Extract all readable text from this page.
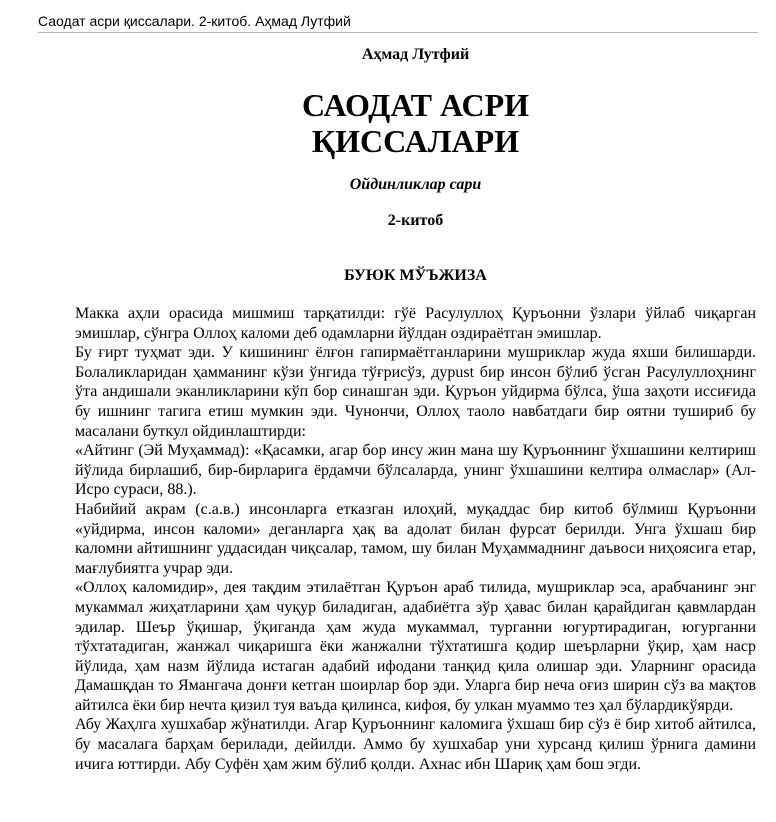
Саодат асри қиссалари. 2-китоб. Аҳмад Лутфий

Аҳмад Лутфий

САОДАТ АСРИ
ҚИССАЛАРИ

Ойдинликлар сари

2-китоб

БУЮК МЎЪЖИЗА

Макка аҳли орасида мишмиш тарқатилди: гўё Расулуллоҳ Қуръонни ўзлари ўйлаб чиқарган эмишлар, сўнгра Оллоҳ каломи деб одамларни йўлдан оздираётган эмишлар.

Бу ғирт туҳмат эди. У кишининг ёлғон гапирмаётганларини мушриклар жуда яхши билишарди. Болаликларидан ҳамманинг кўзи ўнгида тўғрисўз, дурust бир инсон бўлиб ўсган Расулуллоҳнинг ўта андишали эканликларини кўп бор синашган эди. Қуръон уйдирма бўлса, ўша заҳоти иссиғида бу ишнинг тагига етиш мумкин эди. Чунончи, Оллоҳ таоло навбатдаги бир оятни тушириб бу масалани буткул ойдинлаштирди:

«Айтинг (Эй Муҳаммад): «Қасамки, агар бор инсу жин мана шу Қуръоннинг ўхшашини келтириш йўлида бирлашиб, бир-бирларига ёрдамчи бўлсаларда, унинг ўхшашини келтира олмаслар» (Ал-Исро сураси, 88.).

Набийий акрам (с.а.в.) инсонларга етказган илоҳий, муқаддас бир китоб бўлмиш Қуръонни «уйдирма, инсон каломи» деганларга ҳақ ва адолат билан фурсат берилди. Унга ўхшаш бир каломни айтишнинг уддасидан чиқсалар, тамом, шу билан Муҳаммаднинг даъвоси ниҳоясига етар, мағлубиятга учрар эди.

«Оллоҳ каломидир», дея тақдим этилаётган Қуръон араб тилида, мушриклар эса, арабчанинг энг мукаммал жиҳатларини ҳам чуқур биладиган, адабиётга зўр ҳавас билан қарайдиган қавмлардан эдилар. Шеър ўқишар, ўқиганда ҳам жуда мукаммал, турганни югуртирадиган, югурганни тўхтатадиган, жанжал чиқаришга ёки жанжални тўхтатишга қодир шеърларни ўқир, ҳам наср йўлида, ҳам назм йўлида истаган адабий ифодани танқид қила олишар эди. Уларнинг орасида Дамашқдан то Ямангача донғи кетган шоирлар бор эди. Уларга бир неча оғиз ширин сўз ва мақтов айтилса ёки бир нечта қизил туя ваъда қилинса, кифоя, бу улкан муаммо тез ҳал бўлардикўярди.

Абу Жаҳлга хушхабар жўнатилди. Агар Қуръоннинг каломига ўхшаш бир сўз ё бир хитоб айтилса, бу масалага барҳам берилади, дейилди. Аммо бу хушхабар уни хурсанд қилиш ўрнига дамини ичига юттирди. Абу Суфён ҳам жим бўлиб қолди. Ахнас ибн Шариқ ҳам бош эгди.
